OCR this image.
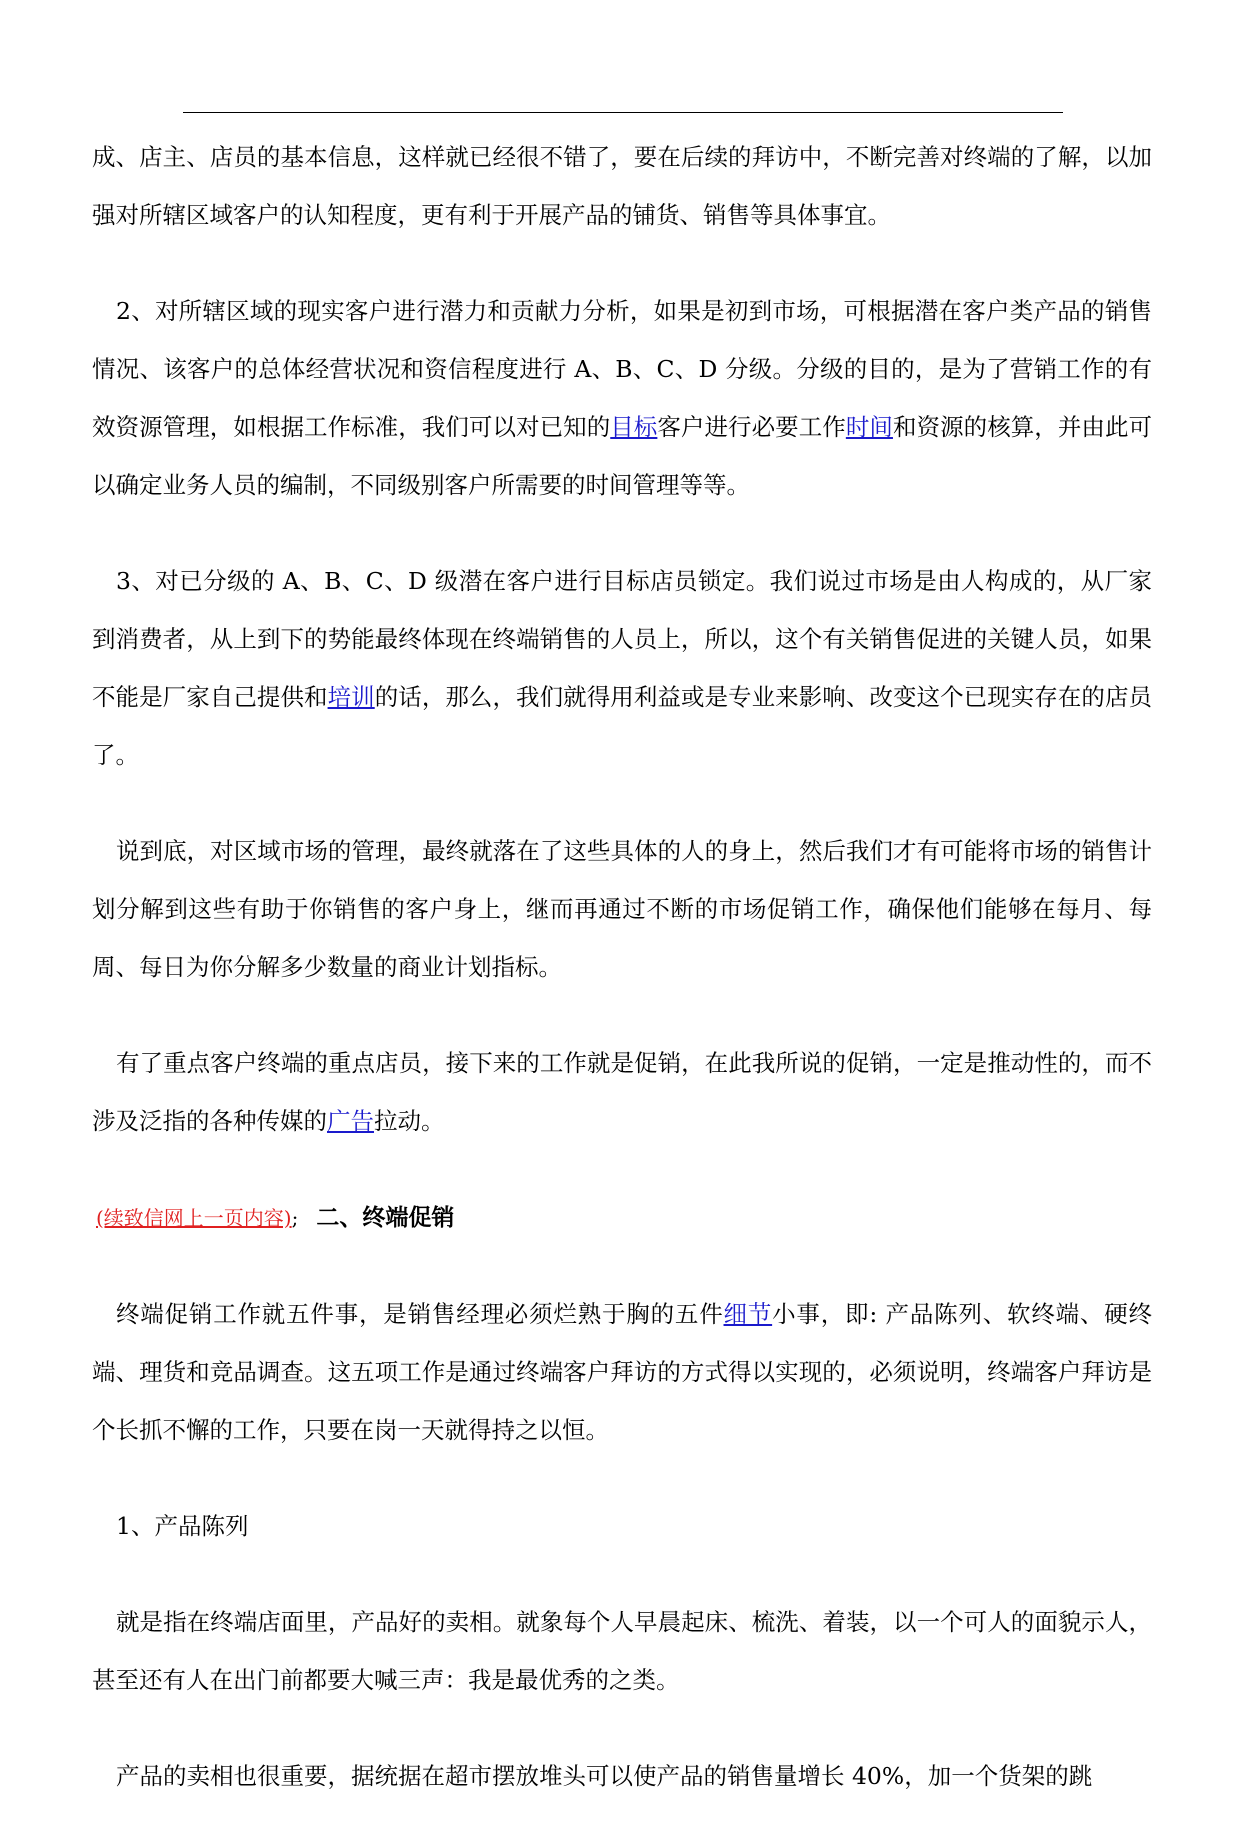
成、店主、店员的基本信息，这样就已经很不错了，要在后续的拜访中，不断完善对终端的了解，以加强对所辖区域客户的认知程度，更有利于开展产品的铺货、销售等具体事宜。

2、对所辖区域的现实客户进行潜力和贡献力分析，如果是初到市场，可根据潜在客户类产品的销售情况、该客户的总体经营状况和资信程度进行 A、B、C、D 分级。分级的目的，是为了营销工作的有效资源管理，如根据工作标准，我们可以对已知的目标客户进行必要工作时间和资源的核算，并由此可以确定业务人员的编制，不同级别客户所需要的时间管理等等。

3、对已分级的 A、B、C、D 级潜在客户进行目标店员锁定。我们说过市场是由人构成的，从厂家到消费者，从上到下的势能最终体现在终端销售的人员上，所以，这个有关销售促进的关键人员，如果不能是厂家自己提供和培训的话，那么，我们就得用利益或是专业来影响、改变这个已现实存在的店员了。

说到底，对区域市场的管理，最终就落在了这些具体的人的身上，然后我们才有可能将市场的销售计划分解到这些有助于你销售的客户身上，继而再通过不断的市场促销工作，确保他们能够在每月、每周、每日为你分解多少数量的商业计划指标。

有了重点客户终端的重点店员，接下来的工作就是促销，在此我所说的促销，一定是推动性的，而不涉及泛指的各种传媒的广告拉动。

(续致信网上一页内容); 二、终端促销

终端促销工作就五件事，是销售经理必须烂熟于胸的五件细节小事，即: 产品陈列、软终端、硬终端、理货和竞品调查。这五项工作是通过终端客户拜访的方式得以实现的，必须说明，终端客户拜访是个长抓不懈的工作，只要在岗一天就得持之以恒。

1、产品陈列

就是指在终端店面里，产品好的卖相。就象每个人早晨起床、梳洗、着装，以一个可人的面貌示人，甚至还有人在出门前都要大喊三声：我是最优秀的之类。

产品的卖相也很重要，据统据在超市摆放堆头可以使产品的销售量增长 40%，加一个货架的跳
